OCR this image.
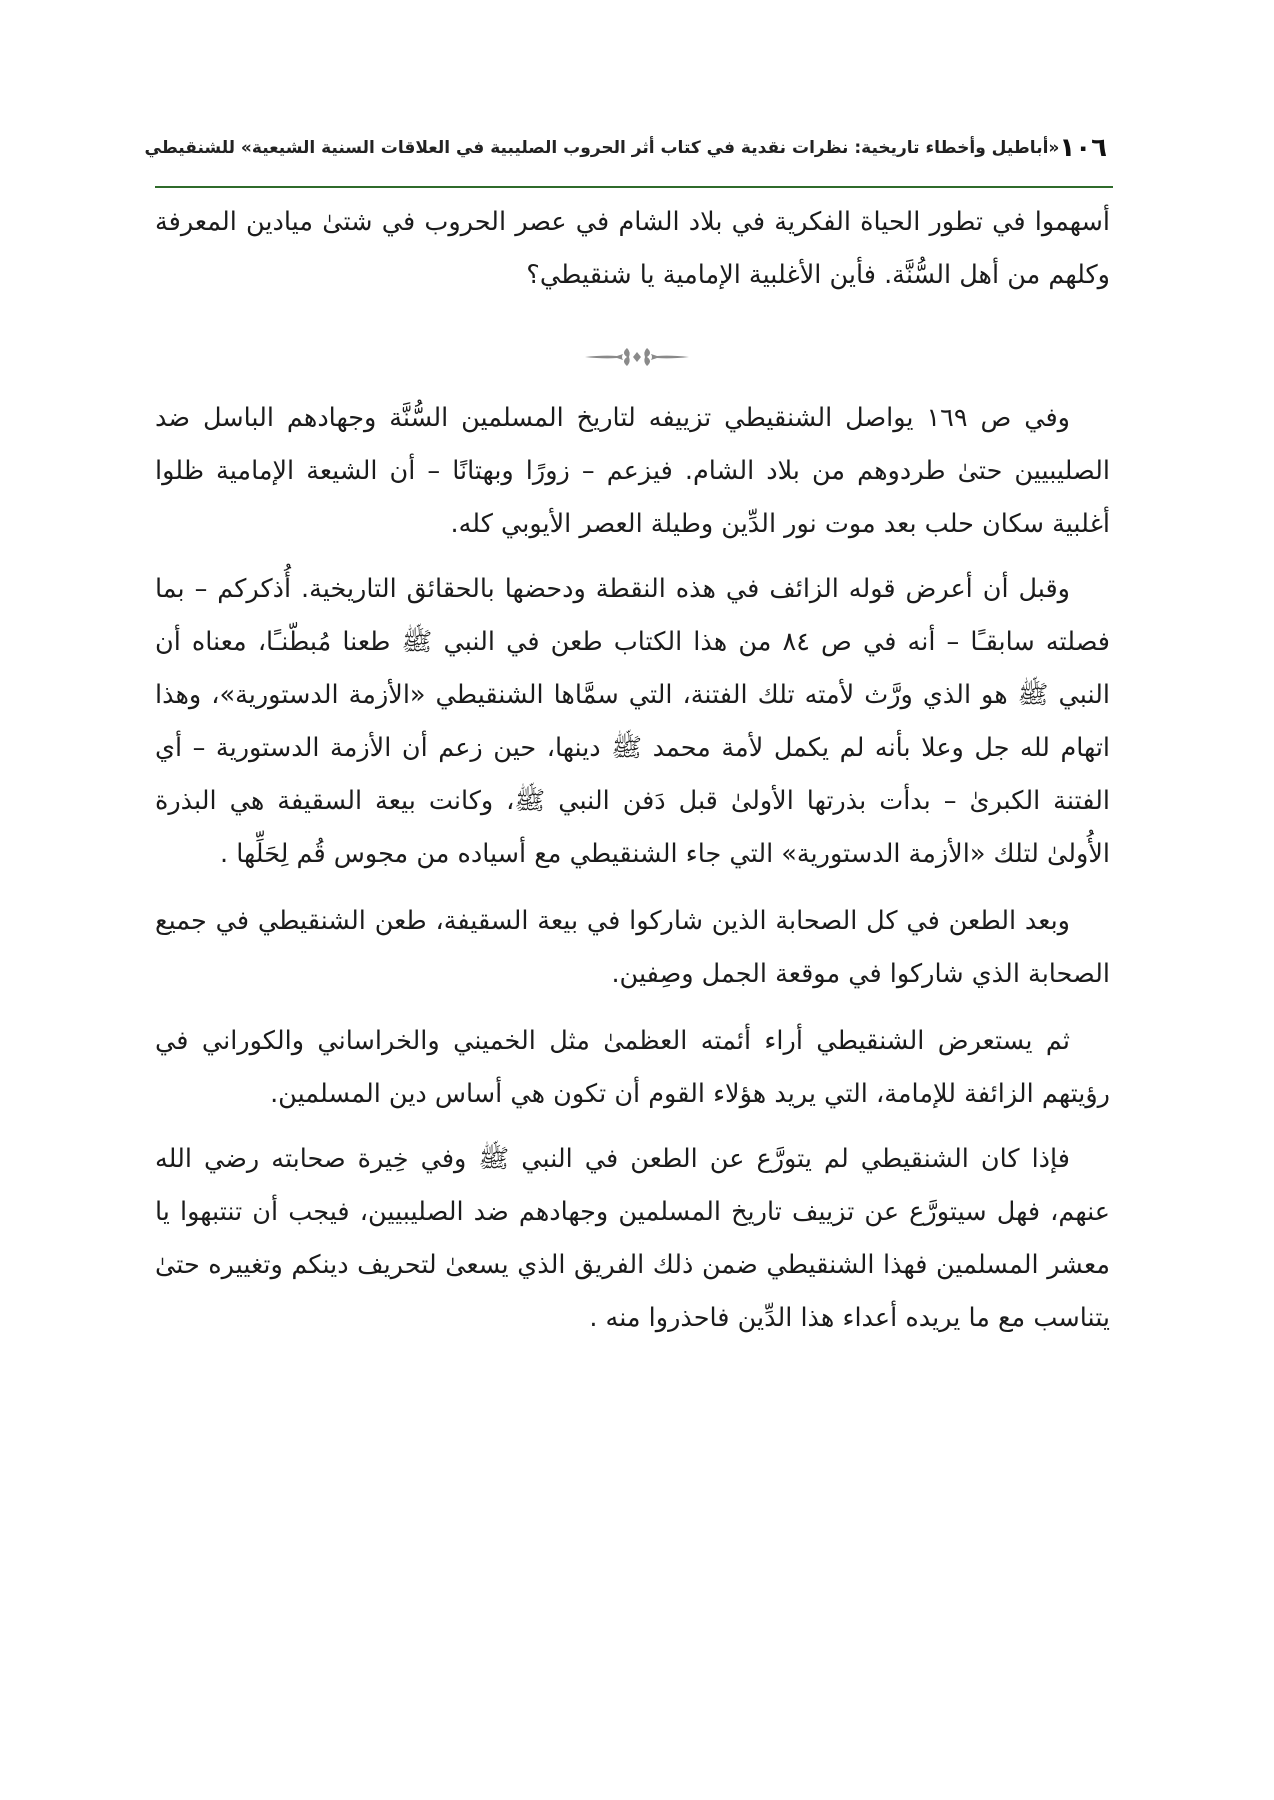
١٠٦
«أباطيل وأخطاء تاريخية: نظرات نقدية في كتاب أثر الحروب الصليبية في العلاقات السنية الشيعية» للشنقيطي

أسهموا في تطور الحياة الفكرية في بلاد الشام في عصر الحروب في شتىٰ ميادين المعرفة وكلهم من أهل السُّنَّة. فأين الأغلبية الإمامية يا شنقيطي؟

وفي ص ١٦٩ يواصل الشنقيطي تزييفه لتاريخ المسلمين السُّنَّة وجهادهم الباسل ضد الصليبيين حتىٰ طردوهم من بلاد الشام. فيزعم – زورًا وبهتانًا – أن الشيعة الإمامية ظلوا أغلبية سكان حلب بعد موت نور الدِّين وطيلة العصر الأيوبي كله.

وقبل أن أعرض قوله الزائف في هذه النقطة ودحضها بالحقائق التاريخية. أُذكركم – بما فصلته سابقـًا – أنه في ص ٨٤ من هذا الكتاب طعن في النبي ﷺ طعنا مُبطّنـًا، معناه أن النبي ﷺ هو الذي ورَّث لأمته تلك الفتنة، التي سمَّاها الشنقيطي «الأزمة الدستورية»، وهذا اتهام لله جل وعلا بأنه لم يكمل لأمة محمد ﷺ دينها، حين زعم أن الأزمة الدستورية – أي الفتنة الكبرىٰ – بدأت بذرتها الأولىٰ قبل دَفن النبي ﷺ، وكانت بيعة السقيفة هي البذرة الأُولىٰ لتلك «الأزمة الدستورية» التي جاء الشنقيطي مع أسياده من مجوس قُم لِحَلِّها .

وبعد الطعن في كل الصحابة الذين شاركوا في بيعة السقيفة، طعن الشنقيطي في جميع الصحابة الذي شاركوا في موقعة الجمل وصِفين.

ثم يستعرض الشنقيطي أراء أئمته العظمىٰ مثل الخميني والخراساني والكوراني في رؤيتهم الزائفة للإمامة، التي يريد هؤلاء القوم أن تكون هي أساس دين المسلمين.

فإذا كان الشنقيطي لم يتورَّع عن الطعن في النبي ﷺ وفي خِيرة صحابته رضي الله عنهم، فهل سيتورَّع عن تزييف تاريخ المسلمين وجهادهم ضد الصليبيين، فيجب أن تنتبهوا يا معشر المسلمين فهذا الشنقيطي ضمن ذلك الفريق الذي يسعىٰ لتحريف دينكم وتغييره حتىٰ يتناسب مع ما يريده أعداء هذا الدِّين فاحذروا منه .
